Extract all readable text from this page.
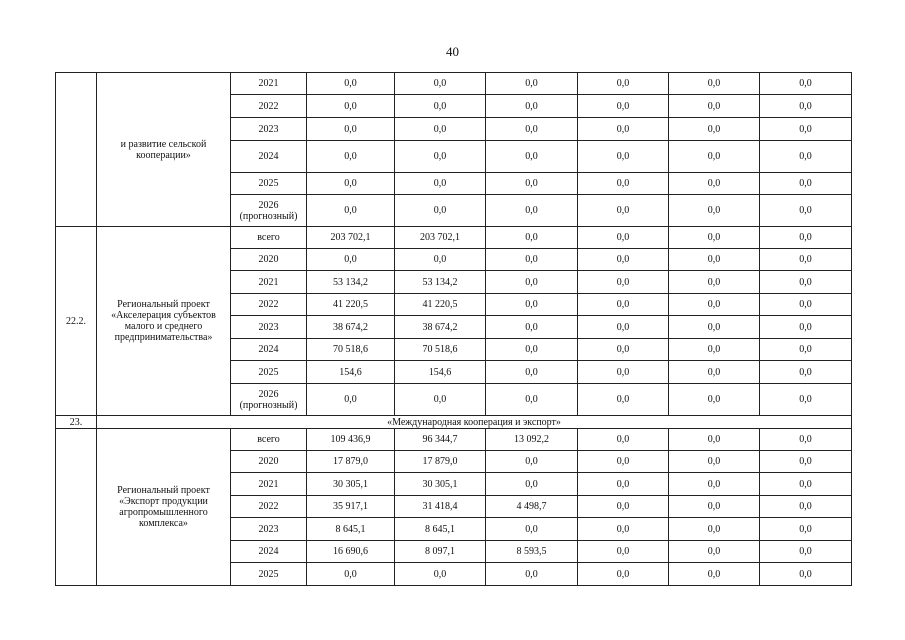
40
	и развитие сельской кооперации»	2021	0,0	0,0	0,0	0,0	0,0	0,0
		2022	0,0	0,0	0,0	0,0	0,0	0,0
		2023	0,0	0,0	0,0	0,0	0,0	0,0
		2024	0,0	0,0	0,0	0,0	0,0	0,0
		2025	0,0	0,0	0,0	0,0	0,0	0,0
		2026 (прогнозный)	0,0	0,0	0,0	0,0	0,0	0,0
22.2.	Региональный проект «Акселерация субъектов малого и среднего предпринимательства»	всего	203 702,1	203 702,1	0,0	0,0	0,0	0,0
		2020	0,0	0,0	0,0	0,0	0,0	0,0
		2021	53 134,2	53 134,2	0,0	0,0	0,0	0,0
		2022	41 220,5	41 220,5	0,0	0,0	0,0	0,0
		2023	38 674,2	38 674,2	0,0	0,0	0,0	0,0
		2024	70 518,6	70 518,6	0,0	0,0	0,0	0,0
		2025	154,6	154,6	0,0	0,0	0,0	0,0
		2026 (прогнозный)	0,0	0,0	0,0	0,0	0,0	0,0
23.	«Международная кооперация и экспорт»							
	Региональный проект «Экспорт продукции агропромышленного комплекса»	всего	109 436,9	96 344,7	13 092,2	0,0	0,0	0,0
		2020	17 879,0	17 879,0	0,0	0,0	0,0	0,0
		2021	30 305,1	30 305,1	0,0	0,0	0,0	0,0
		2022	35 917,1	31 418,4	4 498,7	0,0	0,0	0,0
		2023	8 645,1	8 645,1	0,0	0,0	0,0	0,0
		2024	16 690,6	8 097,1	8 593,5	0,0	0,0	0,0
		2025	0,0	0,0	0,0	0,0	0,0	0,0
